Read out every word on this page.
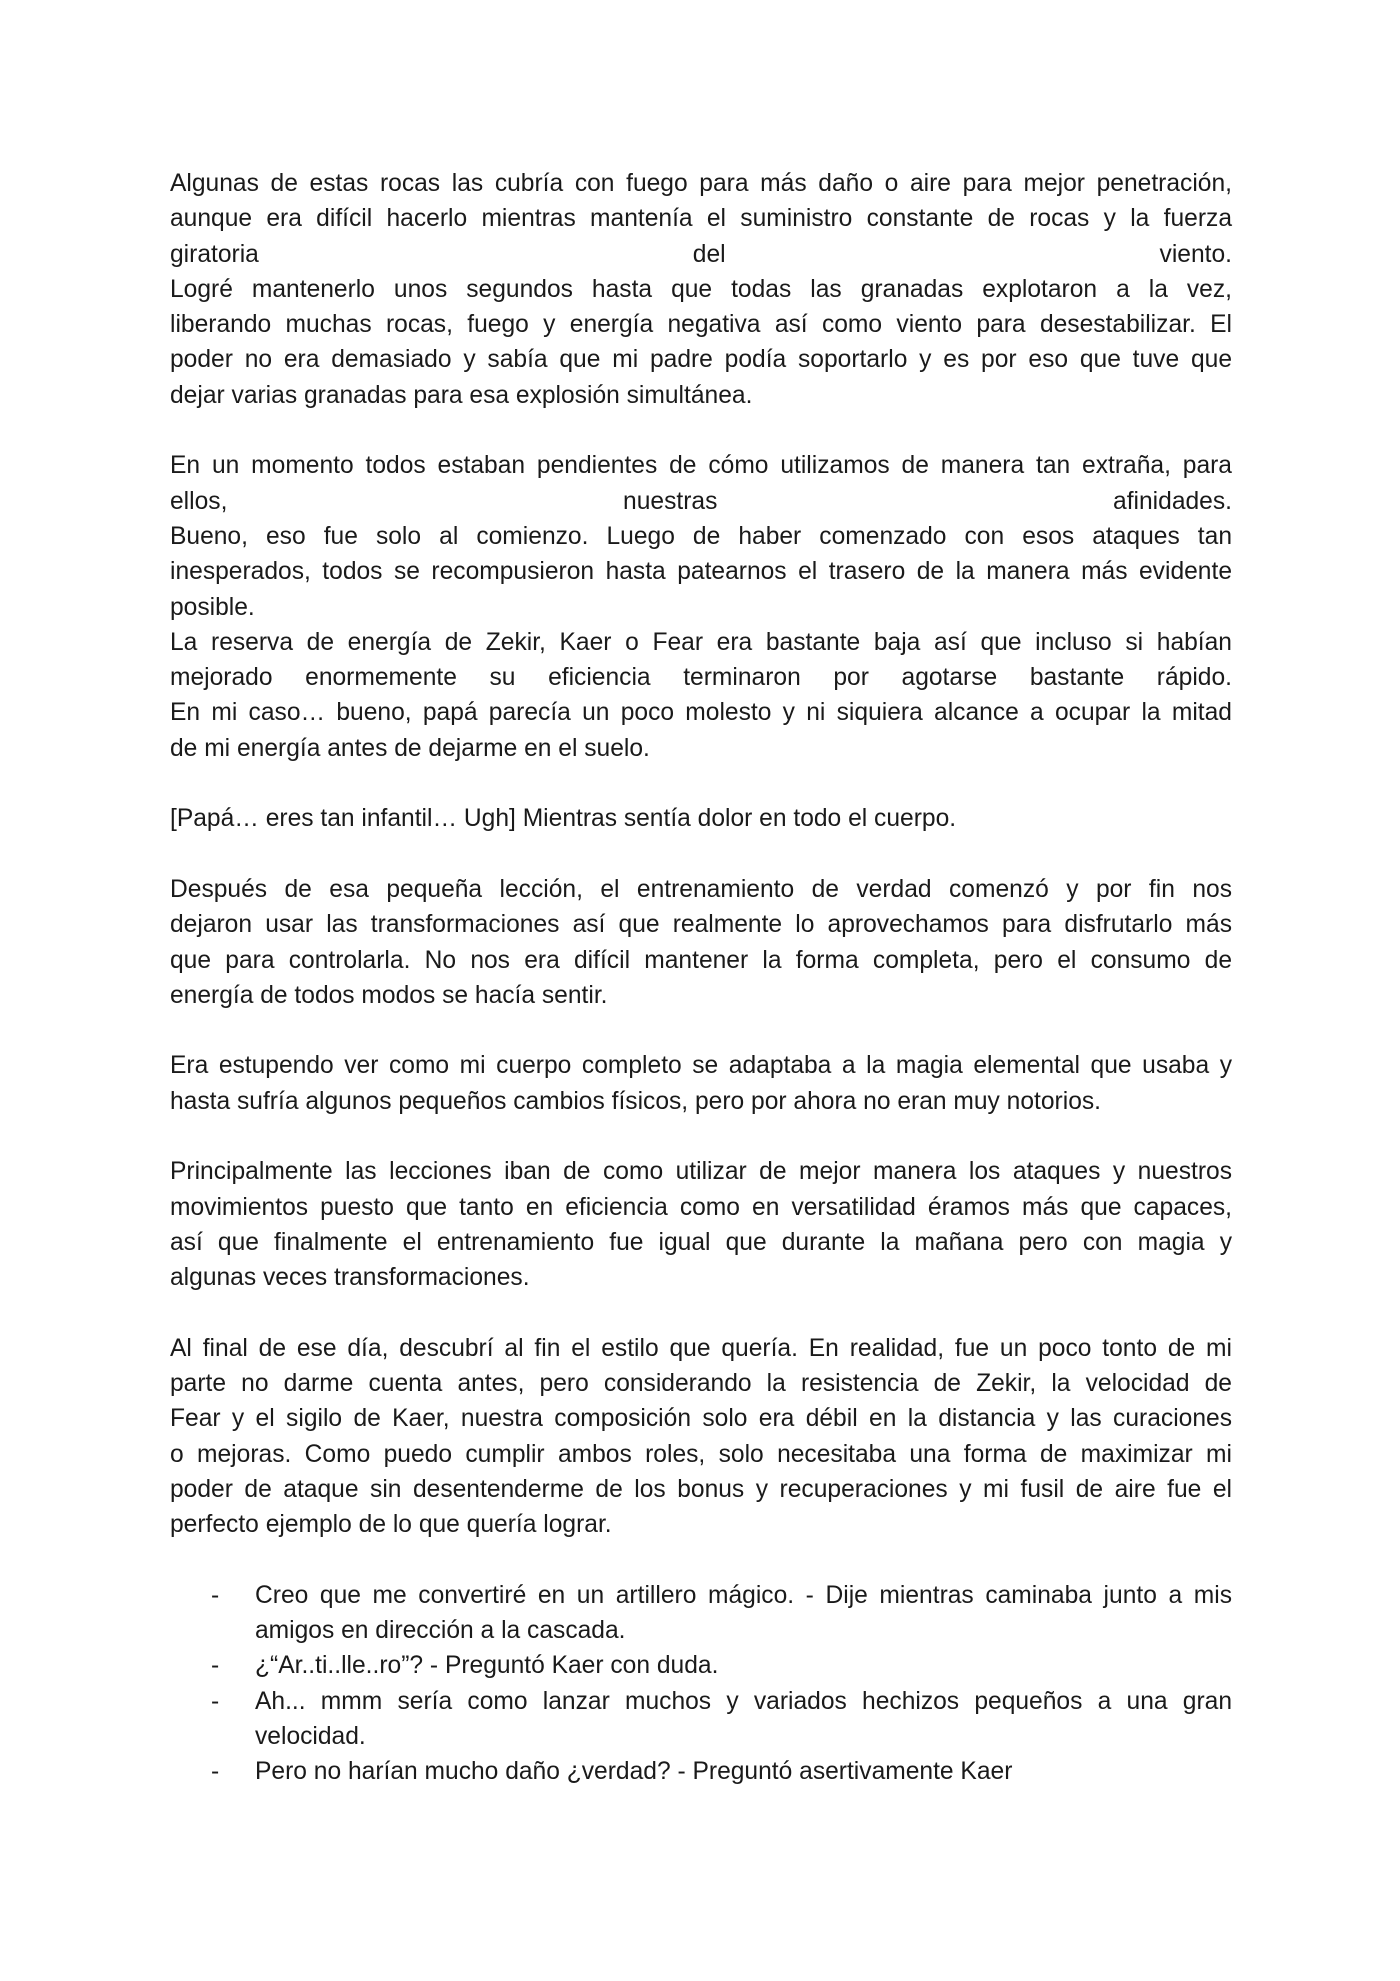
Algunas de estas rocas las cubría con fuego para más daño o aire para mejor penetración,
aunque era difícil hacerlo mientras mantenía el suministro constante de rocas y la fuerza
giratoria del viento.
Logré mantenerlo unos segundos hasta que todas las granadas explotaron a la vez,
liberando muchas rocas, fuego y energía negativa así como viento para desestabilizar. El
poder no era demasiado y sabía que mi padre podía soportarlo y es por eso que tuve que
dejar varias granadas para esa explosión simultánea.
En un momento todos estaban pendientes de cómo utilizamos de manera tan extraña, para
ellos, nuestras afinidades.
Bueno, eso fue solo al comienzo. Luego de haber comenzado con esos ataques tan
inesperados, todos se recompusieron hasta patearnos el trasero de la manera más evidente
posible.
La reserva de energía de Zekir, Kaer o Fear era bastante baja así que incluso si habían
mejorado enormemente su eficiencia terminaron por agotarse bastante rápido.
En mi caso… bueno, papá parecía un poco molesto y ni siquiera alcance a ocupar la mitad
de mi energía antes de dejarme en el suelo.
[Papá… eres tan infantil… Ugh] Mientras sentía dolor en todo el cuerpo.
Después de esa pequeña lección, el entrenamiento de verdad comenzó y por fin nos
dejaron usar las transformaciones así que realmente lo aprovechamos para disfrutarlo más
que para controlarla. No nos era difícil mantener la forma completa, pero el consumo de
energía de todos modos se hacía sentir.
Era estupendo ver como mi cuerpo completo se adaptaba a la magia elemental que usaba y
hasta sufría algunos pequeños cambios físicos, pero por ahora no eran muy notorios.
Principalmente las lecciones iban de como utilizar de mejor manera los ataques y nuestros
movimientos puesto que tanto en eficiencia como en versatilidad éramos más que capaces,
así que finalmente el entrenamiento fue igual que durante la mañana pero con magia y
algunas veces transformaciones.
Al final de ese día, descubrí al fin el estilo que quería. En realidad, fue un poco tonto de mi
parte no darme cuenta antes, pero considerando la resistencia de Zekir, la velocidad de
Fear y el sigilo de Kaer, nuestra composición solo era débil en la distancia y las curaciones
o mejoras. Como puedo cumplir ambos roles, solo necesitaba una forma de maximizar mi
poder de ataque sin desentenderme de los bonus y recuperaciones y mi fusil de aire fue el
perfecto ejemplo de lo que quería lograr.
- Creo que me convertiré en un artillero mágico. - Dije mientras caminaba junto a mis
amigos en dirección a la cascada.
- ¿“Ar..ti..lle..ro”? - Preguntó Kaer con duda.
- Ah... mmm sería como lanzar muchos y variados hechizos pequeños a una gran
velocidad.
- Pero no harían mucho daño ¿verdad? - Preguntó asertivamente Kaer
